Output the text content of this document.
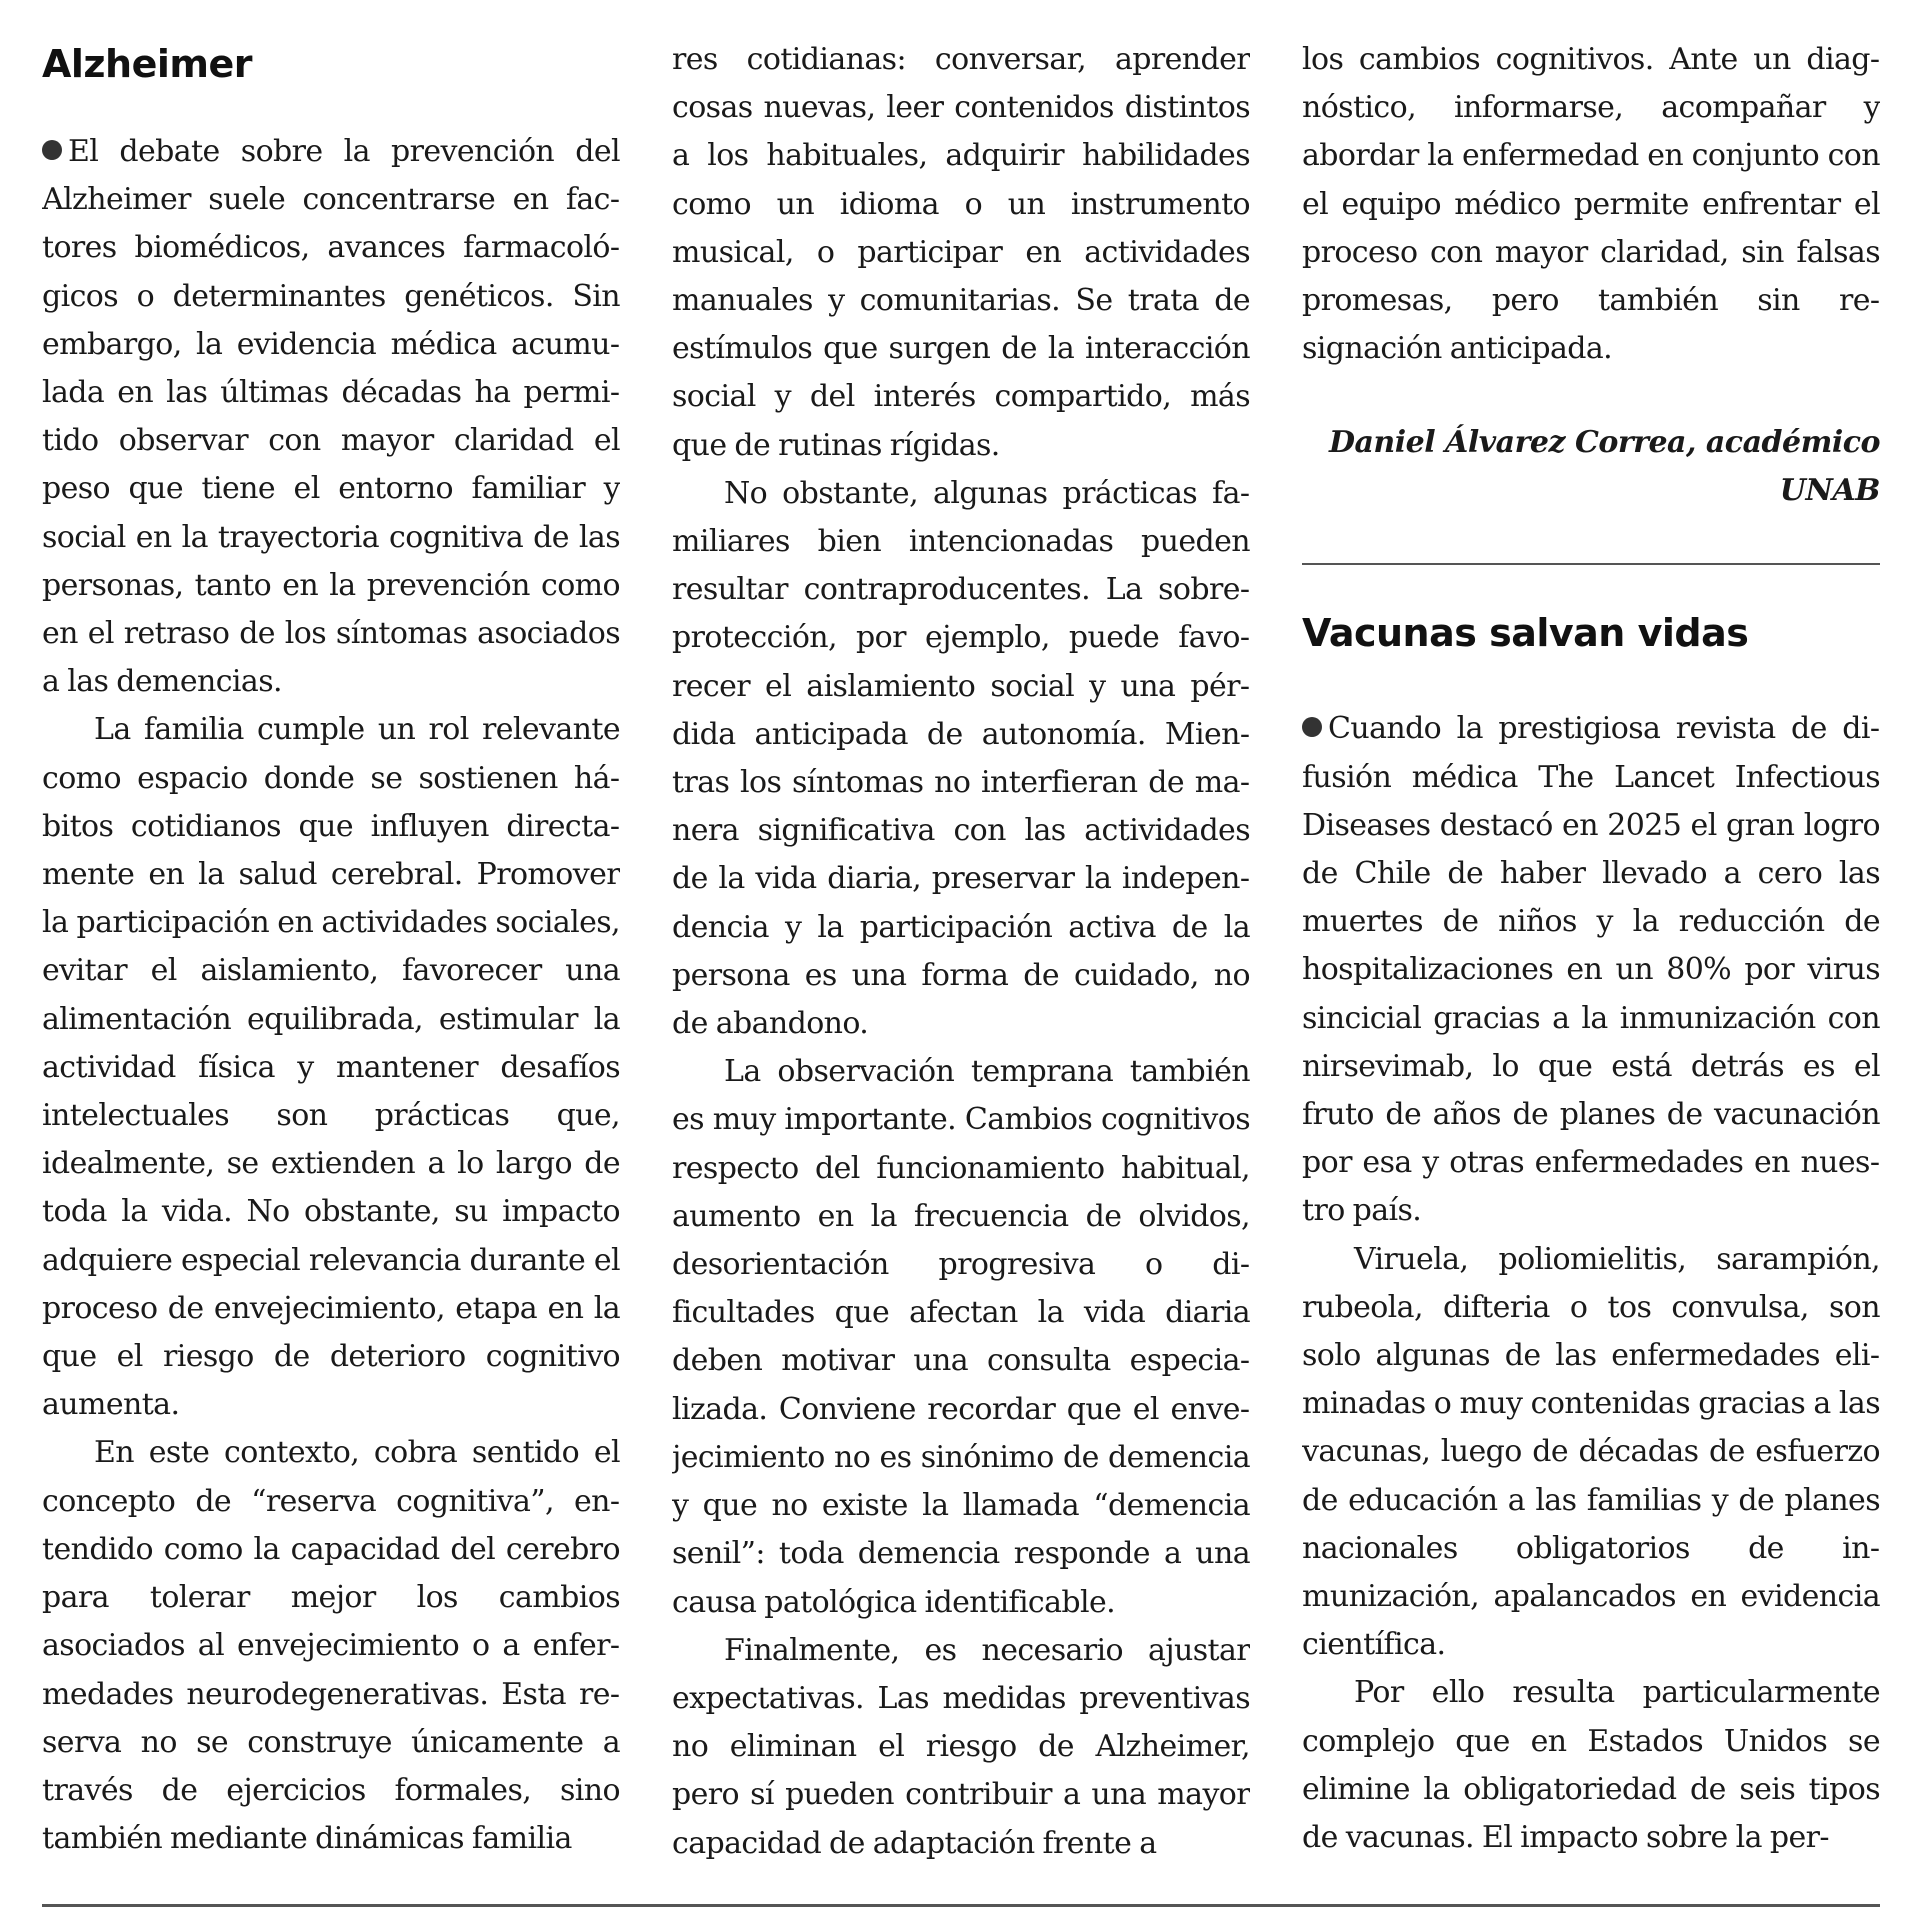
Alzheimer

El debate sobre la prevención del Alzheimer suele concentrarse en factores biomédicos, avances farmacológicos o determinantes genéticos. Sin embargo, la evidencia médica acumulada en las últimas décadas ha permitido observar con mayor claridad el peso que tiene el entorno familiar y social en la trayectoria cognitiva de las personas, tanto en la prevención como en el retraso de los síntomas asociados a las demencias.

La familia cumple un rol relevante como espacio donde se sostienen hábitos cotidianos que influyen directamente en la salud cerebral. Promover la participación en actividades sociales, evitar el aislamiento, favorecer una alimentación equilibrada, estimular la actividad física y mantener desafíos intelectuales son prácticas que, idealmente, se extienden a lo largo de toda la vida. No obstante, su impacto adquiere especial relevancia durante el proceso de envejecimiento, etapa en la que el riesgo de deterioro cognitivo aumenta.

En este contexto, cobra sentido el concepto de “reserva cognitiva”, entendido como la capacidad del cerebro para tolerar mejor los cambios asociados al envejecimiento o a enfermedades neurodegenerativas. Esta reserva no se construye únicamente a través de ejercicios formales, sino también mediante dinámicas familia

res cotidianas: conversar, aprender cosas nuevas, leer contenidos distintos a los habituales, adquirir habilidades como un idioma o un instrumento musical, o participar en actividades manuales y comunitarias. Se trata de estímulos que surgen de la interacción social y del interés compartido, más que de rutinas rígidas.

No obstante, algunas prácticas familiares bien intencionadas pueden resultar contraproducentes. La sobreprotección, por ejemplo, puede favorecer el aislamiento social y una pérdida anticipada de autonomía. Mientras los síntomas no interfieran de manera significativa con las actividades de la vida diaria, preservar la independencia y la participación activa de la persona es una forma de cuidado, no de abandono.

La observación temprana también es muy importante. Cambios cognitivos respecto del funcionamiento habitual, aumento en la frecuencia de olvidos, desorientación progresiva o dificultades que afectan la vida diaria deben motivar una consulta especializada. Conviene recordar que el envejecimiento no es sinónimo de demencia y que no existe la llamada “demencia senil”: toda demencia responde a una causa patológica identificable.

Finalmente, es necesario ajustar expectativas. Las medidas preventivas no eliminan el riesgo de Alzheimer, pero sí pueden contribuir a una mayor capacidad de adaptación frente a

los cambios cognitivos. Ante un diagnóstico, informarse, acompañar y abordar la enfermedad en conjunto con el equipo médico permite enfrentar el proceso con mayor claridad, sin falsas promesas, pero también sin resignación anticipada.

Daniel Álvarez Correa, académico
UNAB
Vacunas salvan vidas

Cuando la prestigiosa revista de difusión médica The Lancet Infectious Diseases destacó en 2025 el gran logro de Chile de haber llevado a cero las muertes de niños y la reducción de hospitalizaciones en un 80% por virus sincicial gracias a la inmunización con nirsevimab, lo que está detrás es el fruto de años de planes de vacunación por esa y otras enfermedades en nuestro país.

Viruela, poliomielitis, sarampión, rubeola, difteria o tos convulsa, son solo algunas de las enfermedades eliminadas o muy contenidas gracias a las vacunas, luego de décadas de esfuerzo de educación a las familias y de planes nacionales obligatorios de inmunización, apalancados en evidencia científica.

Por ello resulta particularmente complejo que en Estados Unidos se elimine la obligatoriedad de seis tipos de vacunas. El impacto sobre la per-
